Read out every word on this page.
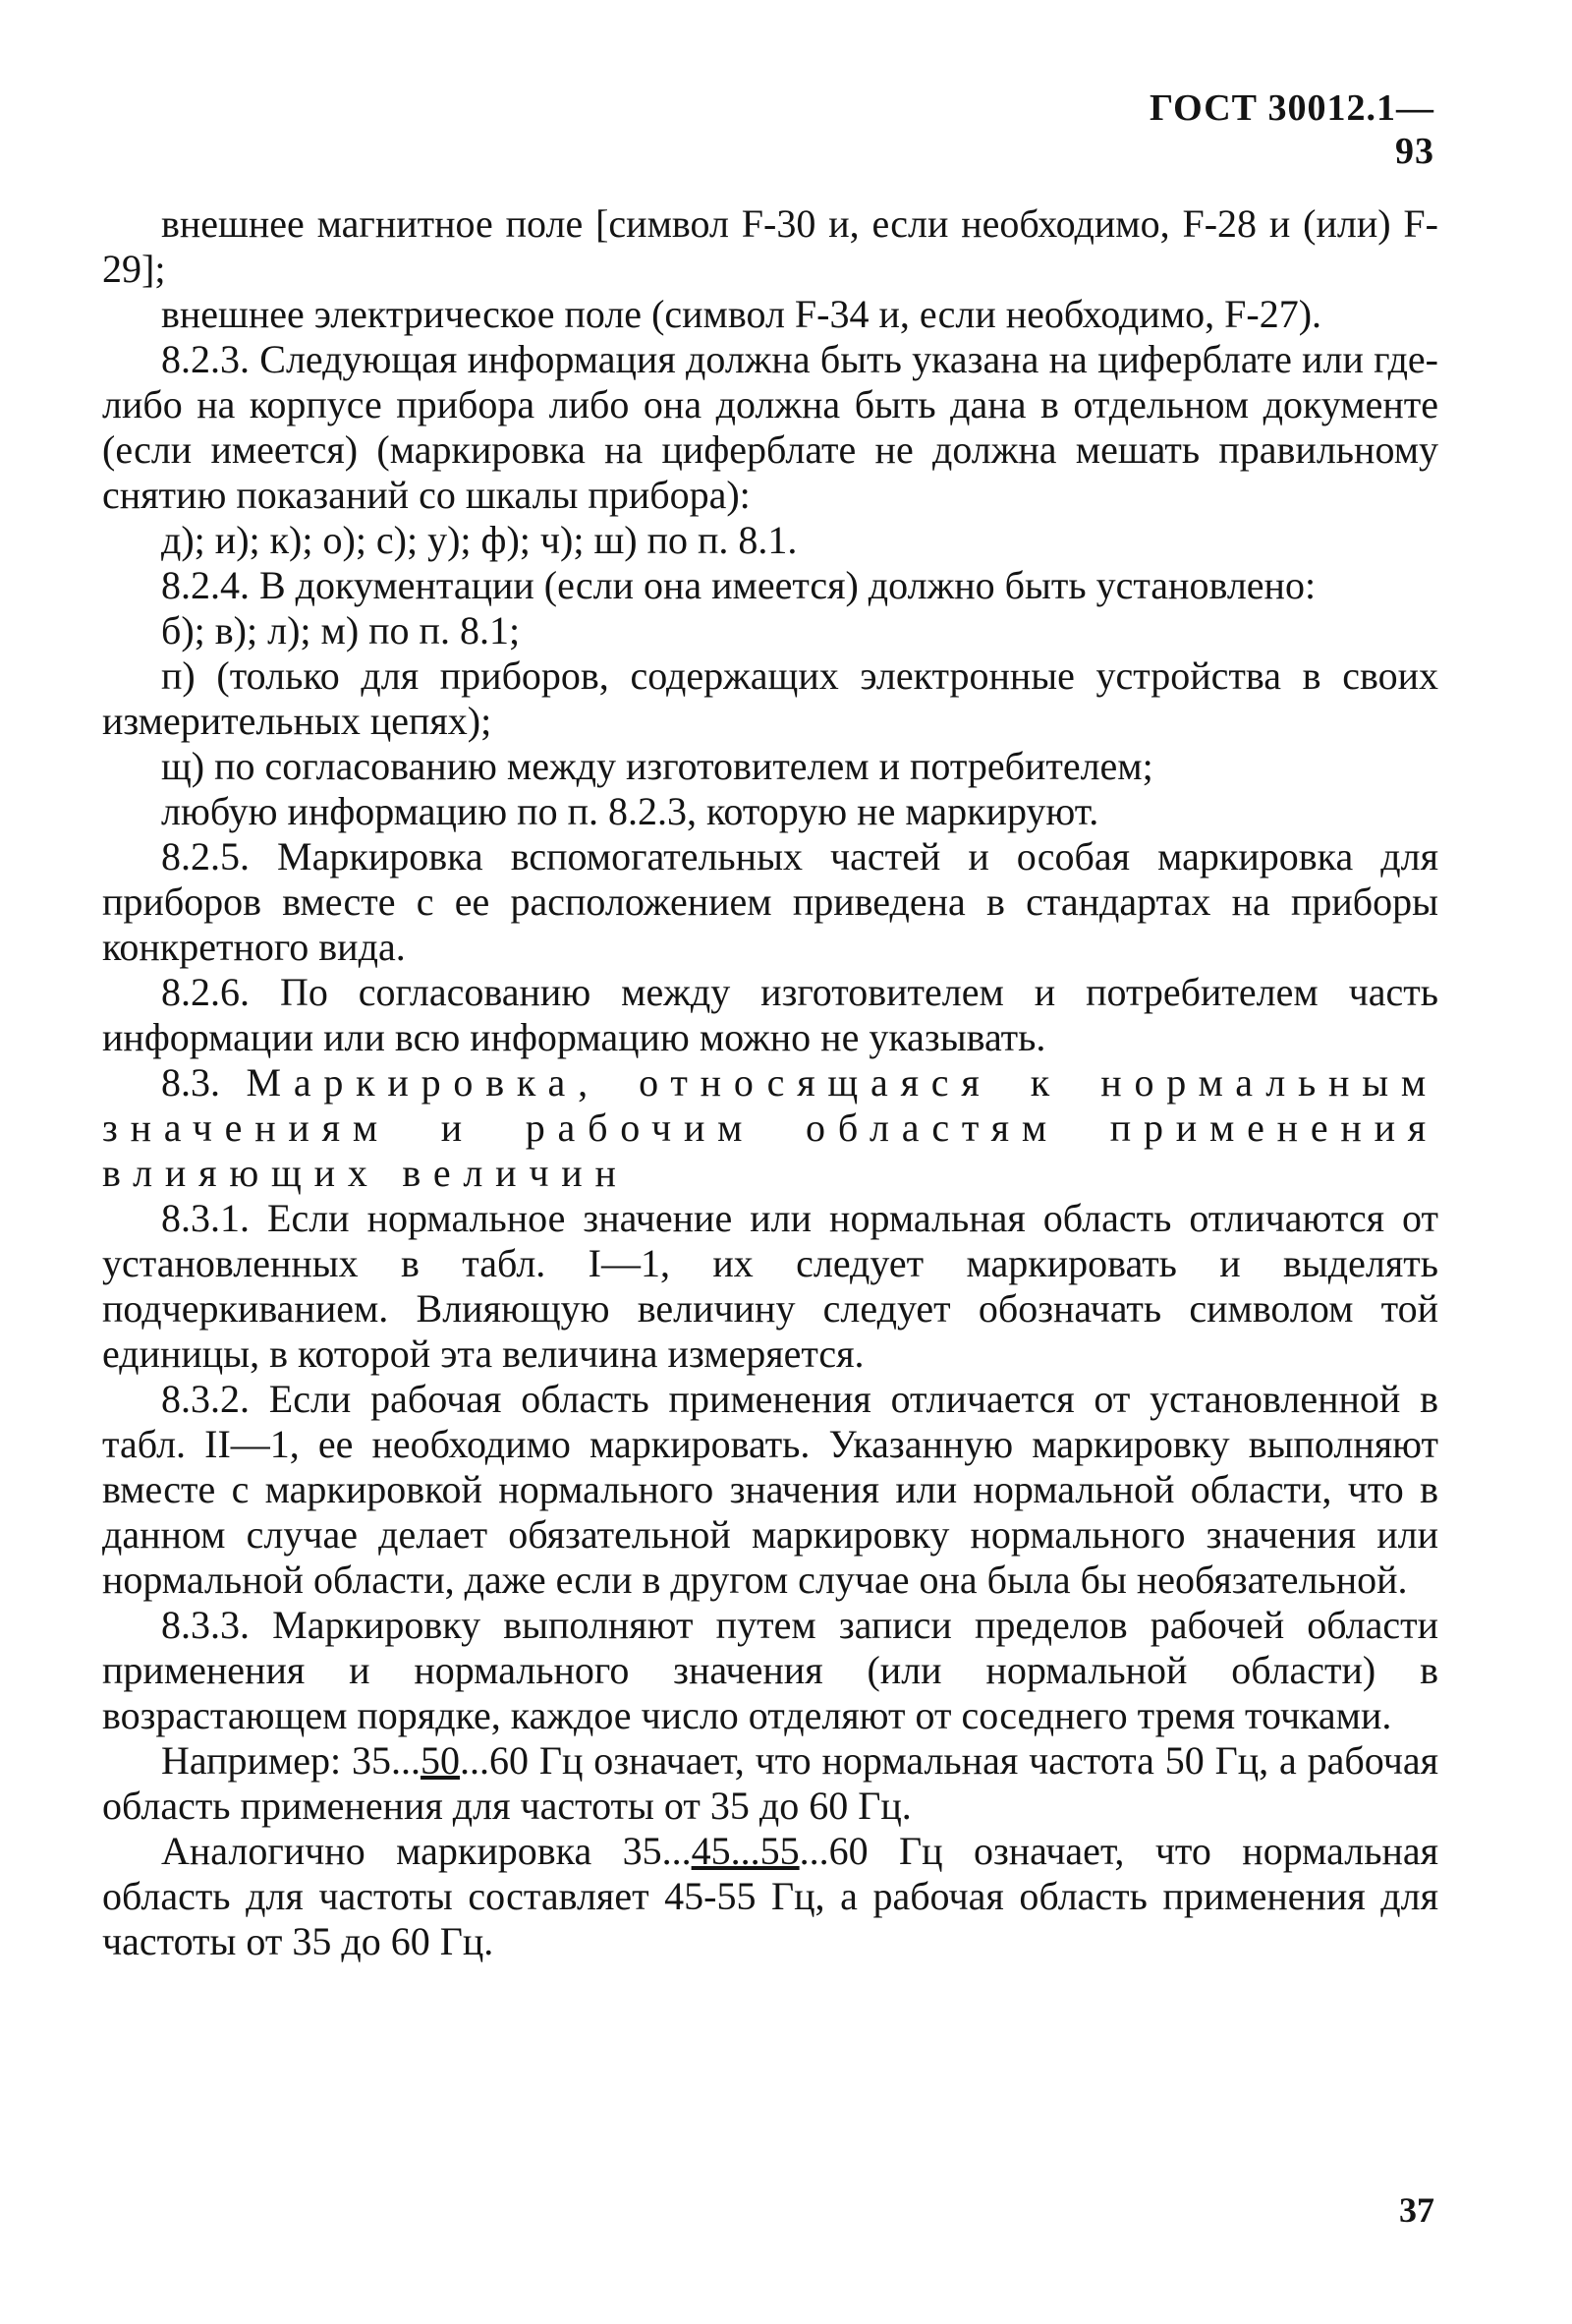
ГОСТ 30012.1—93

внешнее магнитное поле [символ F-30 и, если необходимо, F-28 и (или) F-29];

внешнее электрическое поле (символ F-34 и, если необходимо, F-27).

8.2.3. Следующая информация должна быть указана на циферблате или где-либо на корпусе прибора либо она должна быть дана в отдельном документе (если имеется) (маркировка на циферблате не должна мешать правильному снятию показаний со шкалы прибора):

д); и); к); о); с); у); ф); ч); ш) по п. 8.1.

8.2.4. В документации (если она имеется) должно быть установлено:

б); в); л); м) по п. 8.1;

п) (только для приборов, содержащих электронные устройства в своих измерительных цепях);

щ) по согласованию между изготовителем и потребителем;

любую информацию по п. 8.2.3, которую не маркируют.

8.2.5. Маркировка вспомогательных частей и особая маркировка для приборов вместе с ее расположением приведена в стандартах на приборы конкретного вида.

8.2.6. По согласованию между изготовителем и потребителем часть информации или всю информацию можно не указывать.

8.3. Маркировка, относящаяся к нормальным значениям и рабочим областям применения влияющих величин

8.3.1. Если нормальное значение или нормальная область отличаются от установленных в табл. I—1, их следует маркировать и выделять подчеркиванием. Влияющую величину следует обозначать символом той единицы, в которой эта величина измеряется.

8.3.2. Если рабочая область применения отличается от установленной в табл. II—1, ее необходимо маркировать. Указанную маркировку выполняют вместе с маркировкой нормального значения или нормальной области, что в данном случае делает обязательной маркировку нормального значения или нормальной области, даже если в другом случае она была бы необязательной.

8.3.3. Маркировку выполняют путем записи пределов рабочей области применения и нормального значения (или нормальной области) в возрастающем порядке, каждое число отделяют от соседнего тремя точками.

Например: 35...50...60 Гц означает, что нормальная частота 50 Гц, а рабочая область применения для частоты от 35 до 60 Гц.

Аналогично маркировка 35...45...55...60 Гц означает, что нормальная область для частоты составляет 45-55 Гц, а рабочая область применения для частоты от 35 до 60 Гц.

37
